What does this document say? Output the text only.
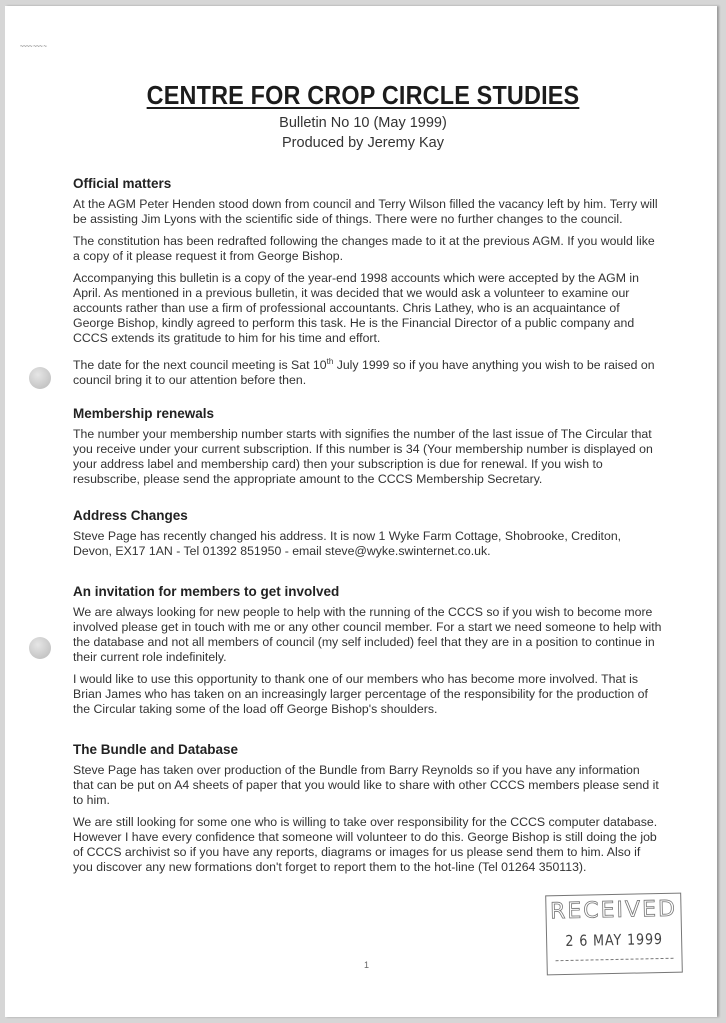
~~~~ ~~~ ~
CENTRE FOR CROP CIRCLE STUDIES
Bulletin No 10 (May 1999)
Produced by Jeremy Kay
Official matters

At the AGM Peter Henden stood down from council and Terry Wilson filled the vacancy left by him. Terry will be assisting Jim Lyons with the scientific side of things. There were no further changes to the council.

The constitution has been redrafted following the changes made to it at the previous AGM. If you would like a copy of it please request it from George Bishop.

Accompanying this bulletin is a copy of the year-end 1998 accounts which were accepted by the AGM in April. As mentioned in a previous bulletin, it was decided that we would ask a volunteer to examine our accounts rather than use a firm of professional accountants. Chris Lathey, who is an acquaintance of George Bishop, kindly agreed to perform this task. He is the Financial Director of a public company and CCCS extends its gratitude to him for his time and effort.

The date for the next council meeting is Sat 10th July 1999 so if you have anything you wish to be raised on council bring it to our attention before then.

Membership renewals

The number your membership number starts with signifies the number of the last issue of The Circular that you receive under your current subscription. If this number is 34 (Your membership number is displayed on your address label and membership card) then your subscription is due for renewal. If you wish to resubscribe, please send the appropriate amount to the CCCS Membership Secretary.

Address Changes

Steve Page has recently changed his address. It is now 1 Wyke Farm Cottage, Shobrooke, Crediton, Devon, EX17 1AN - Tel 01392 851950 - email steve@wyke.swinternet.co.uk.

An invitation for members to get involved

We are always looking for new people to help with the running of the CCCS so if you wish to become more involved please get in touch with me or any other council member. For a start we need someone to help with the database and not all members of council (my self included) feel that they are in a position to continue in their current role indefinitely.

I would like to use this opportunity to thank one of our members who has become more involved. That is Brian James who has taken on an increasingly larger percentage of the responsibility for the production of the Circular taking some of the load off George Bishop's shoulders.

The Bundle and Database

Steve Page has taken over production of the Bundle from Barry Reynolds so if you have any information that can be put on A4 sheets of paper that you would like to share with other CCCS members please send it to him.

We are still looking for some one who is willing to take over responsibility for the CCCS computer database. However I have every confidence that someone will volunteer to do this. George Bishop is still doing the job of CCCS archivist so if you have any reports, diagrams or images for us please send them to him. Also if you discover any new formations don't forget to report them to the hot-line (Tel 01264 350113).

RECEIVED
2 6 MAY 1999
1
